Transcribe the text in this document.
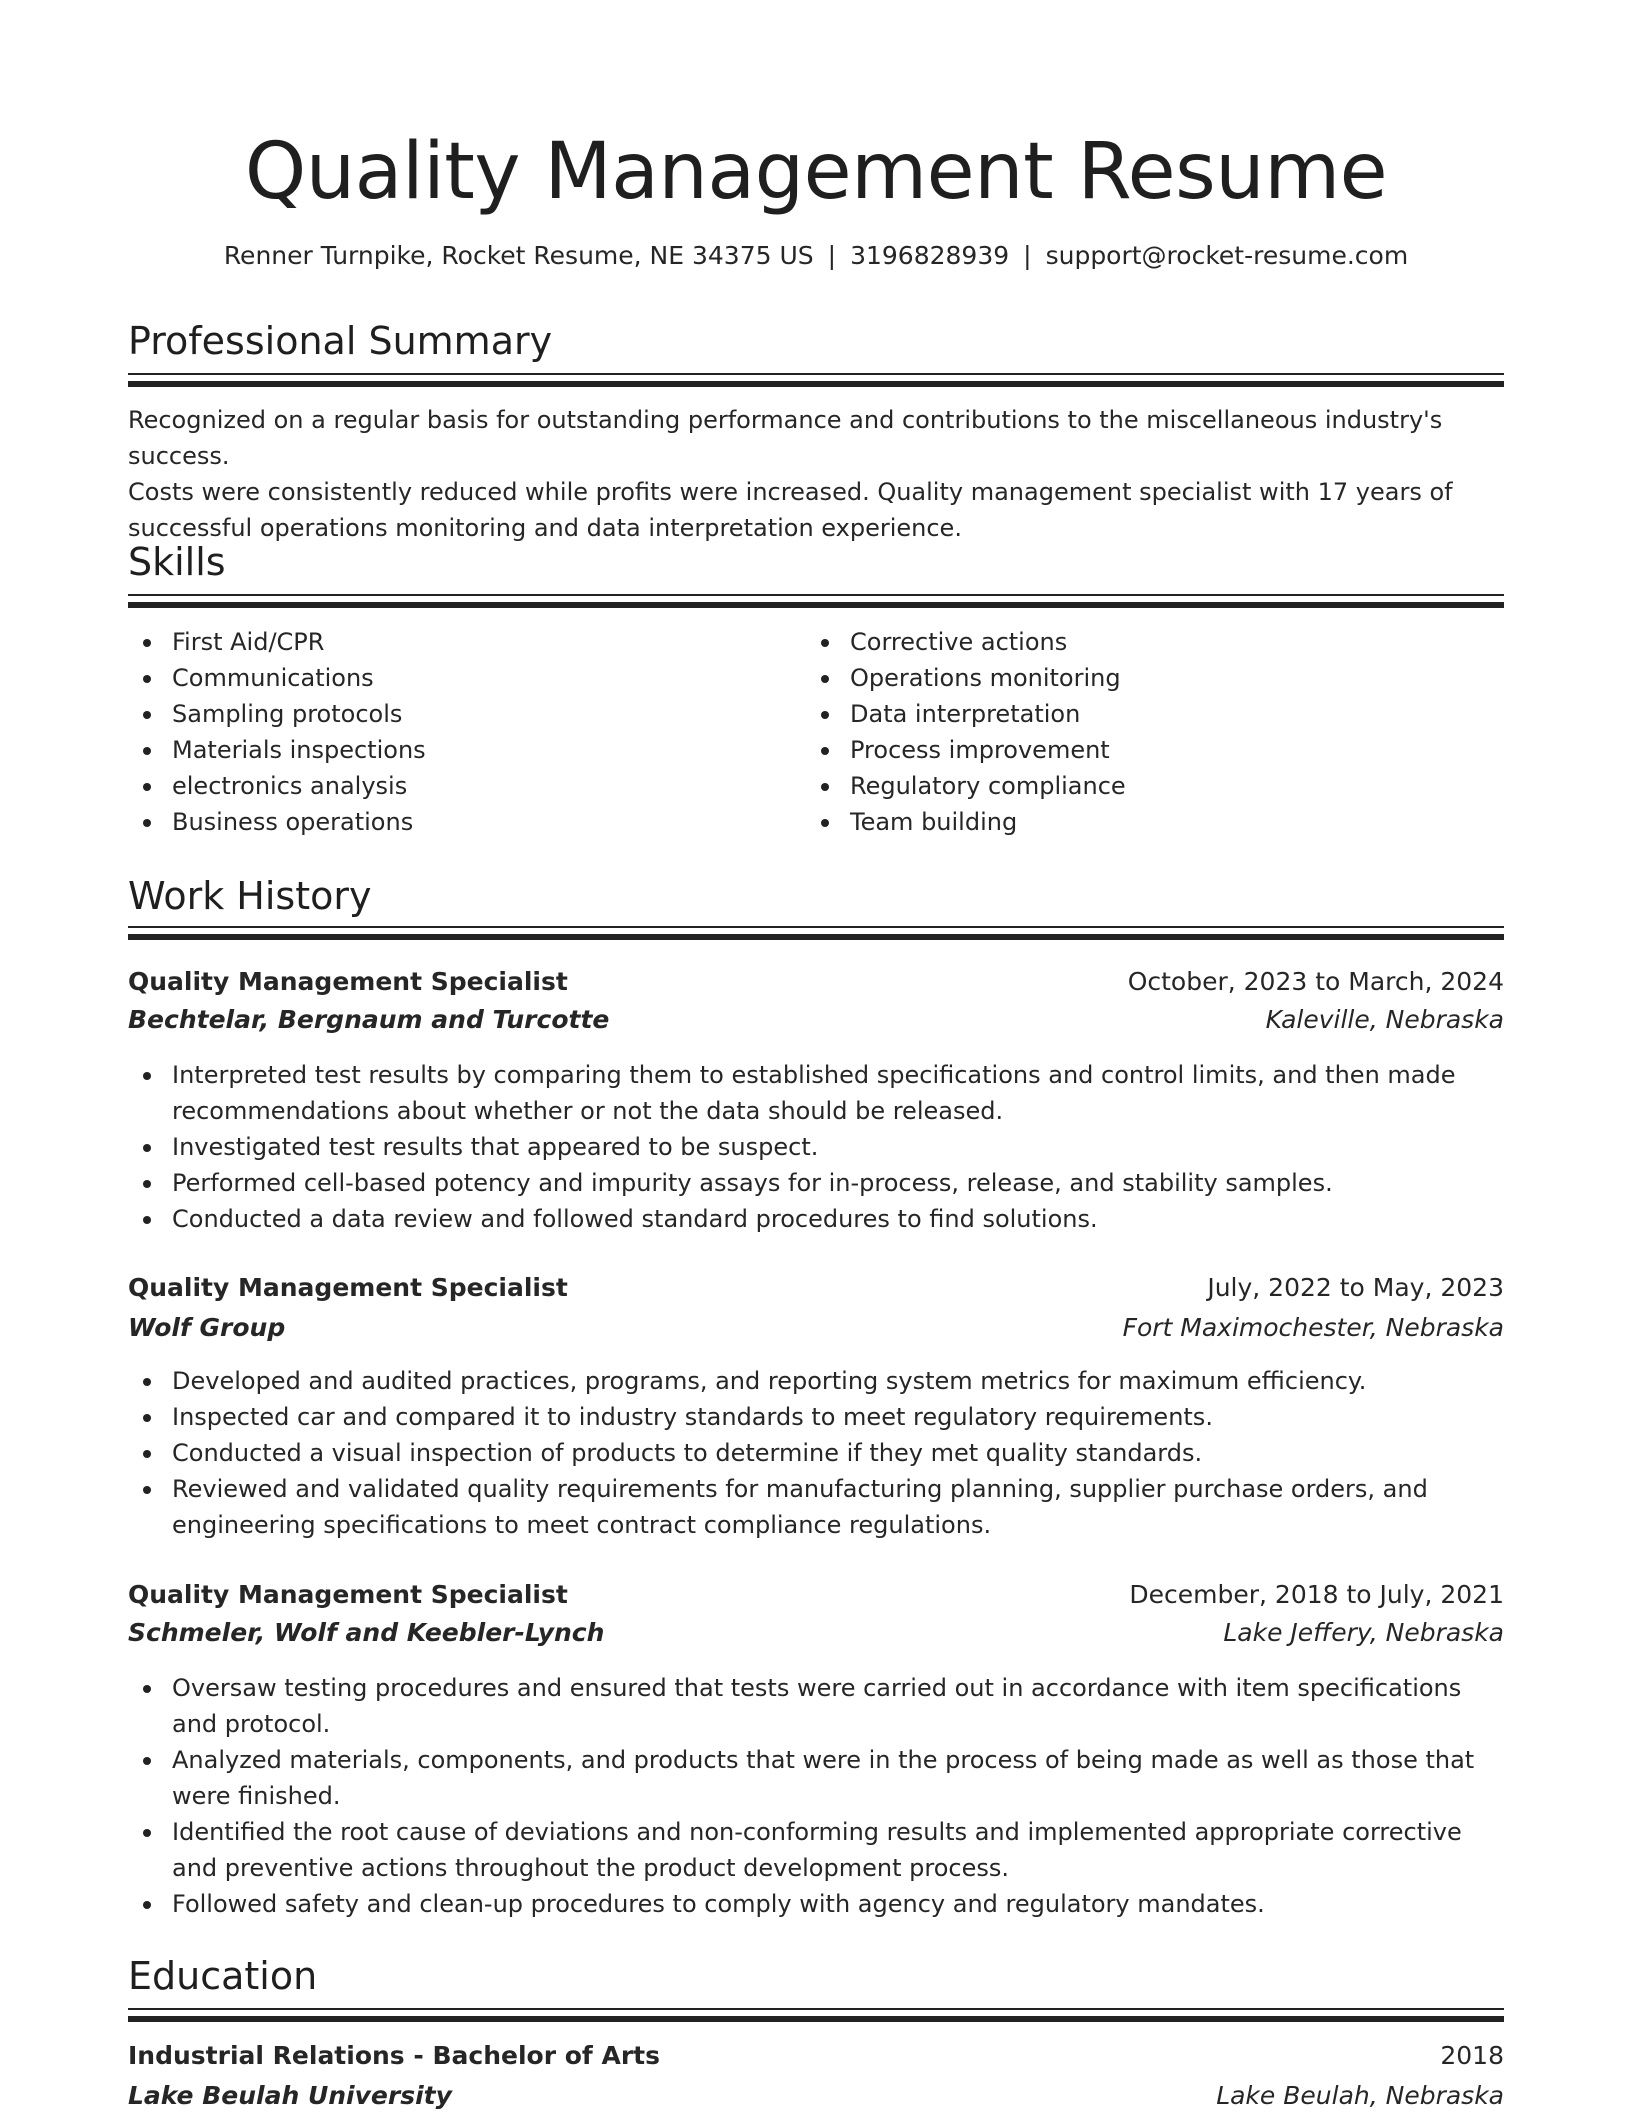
Quality Management Resume
Renner Turnpike, Rocket Resume, NE 34375 US | 3196828939 | support@rocket-resume.com
Professional Summary
Recognized on a regular basis for outstanding performance and contributions to the miscellaneous industry's success.
Costs were consistently reduced while profits were increased. Quality management specialist with 17 years of
successful operations monitoring and data interpretation experience.
Skills
First Aid/CPR
Communications
Sampling protocols
Materials inspections
electronics analysis
Business operations
Corrective actions
Operations monitoring
Data interpretation
Process improvement
Regulatory compliance
Team building
Work History
Quality Management Specialist	October, 2023 to March, 2024
Bechtelar, Bergnaum and Turcotte	Kaleville, Nebraska
Interpreted test results by comparing them to established specifications and control limits, and then made recommendations about whether or not the data should be released.
Investigated test results that appeared to be suspect.
Performed cell-based potency and impurity assays for in-process, release, and stability samples.
Conducted a data review and followed standard procedures to find solutions.
Quality Management Specialist	July, 2022 to May, 2023
Wolf Group	Fort Maximochester, Nebraska
Developed and audited practices, programs, and reporting system metrics for maximum efficiency.
Inspected car and compared it to industry standards to meet regulatory requirements.
Conducted a visual inspection of products to determine if they met quality standards.
Reviewed and validated quality requirements for manufacturing planning, supplier purchase orders, and engineering specifications to meet contract compliance regulations.
Quality Management Specialist	December, 2018 to July, 2021
Schmeler, Wolf and Keebler-Lynch	Lake Jeffery, Nebraska
Oversaw testing procedures and ensured that tests were carried out in accordance with item specifications and protocol.
Analyzed materials, components, and products that were in the process of being made as well as those that were finished.
Identified the root cause of deviations and non-conforming results and implemented appropriate corrective and preventive actions throughout the product development process.
Followed safety and clean-up procedures to comply with agency and regulatory mandates.
Education
Industrial Relations - Bachelor of Arts	2018
Lake Beulah University	Lake Beulah, Nebraska
